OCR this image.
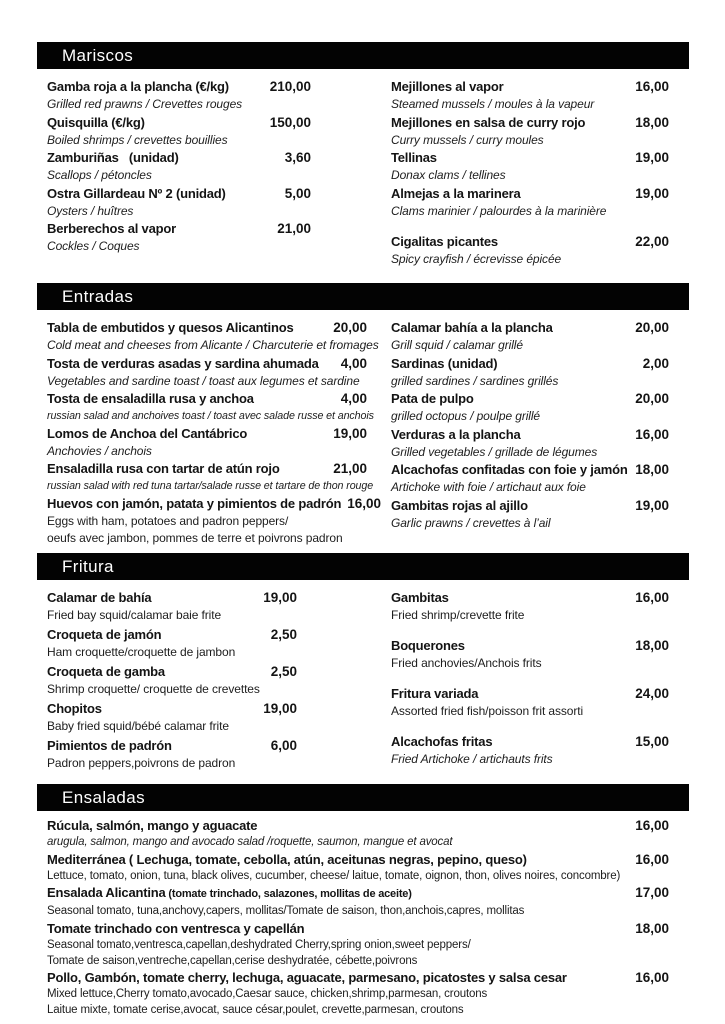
Mariscos
Gamba roja a la plancha (€/kg)	210,00
Grilled red prawns / Crevettes rouges
Quisquilla (€/kg)	150,00
Boiled shrimps / crevettes bouillies
Zamburiñas   (unidad)	3,60
Scallops / pétoncles
Ostra Gillardeau Nº 2 (unidad)	5,00
Oysters / huîtres
Berberechos al vapor	21,00
Cockles / Coques
Mejillones al vapor	16,00
Steamed mussels / moules à la vapeur
Mejillones en salsa de curry rojo	18,00
Curry mussels / curry moules
Tellinas	19,00
Donax clams / tellines
Almejas a la marinera	19,00
Clams marinier / palourdes à la marinière
Cigalitas picantes	22,00
Spicy crayfish / écrevisse épicée
Entradas
Tabla de embutidos y quesos Alicantinos	20,00
Cold meat and cheeses from Alicante / Charcuterie et fromages
Tosta de verduras asadas y sardina ahumada	4,00
Vegetables and sardine toast / toast aux legumes et sardine
Tosta de ensaladilla rusa y anchoa	4,00
russian salad and anchoives toast / toast avec salade russe et anchois
Lomos de Anchoa del Cantábrico	19,00
Anchovies / anchois
Ensaladilla rusa con tartar de atún rojo	21,00
russian salad with red tuna tartar/salade russe et tartare de thon rouge
Huevos con jamón, patata y pimientos de padrón 16,00
Eggs with ham, potatoes and padron peppers/
oeufs avec jambon, pommes de terre et poivrons padron
Calamar bahía a la plancha	20,00
Grill squid / calamar grillé
Sardinas (unidad)	2,00
grilled sardines / sardines grillés
Pata de pulpo	20,00
grilled octopus / poulpe grillé
Verduras a la plancha	16,00
Grilled vegetables / grillade de légumes
Alcachofas confitadas con foie y jamón 18,00
Artichoke with foie / artichaut aux foie
Gambitas rojas al ajillo	19,00
Garlic prawns / crevettes à l’ail
Fritura
Calamar de bahía	19,00
Fried bay squid/calamar baie frite
Croqueta de jamón	2,50
Ham croquette/croquette de jambon
Croqueta de gamba	2,50
Shrimp croquette/ croquette de crevettes
Chopitos	19,00
Baby fried squid/bébé calamar frite
Pimientos de padrón	6,00
Padron peppers,poivrons de padron
Gambitas	16,00
Fried shrimp/crevette frite
Boquerones	18,00
Fried anchovies/Anchois frits
Fritura variada	24,00
Assorted fried fish/poisson frit assorti
Alcachofas fritas	15,00
Fried Artichoke / artichauts frits
Ensaladas
Rúcula, salmón, mango y aguacate	16,00
arugula, salmon, mango and avocado salad /roquette, saumon, mangue et avocat
Mediterránea ( Lechuga, tomate, cebolla, atún, aceitunas negras, pepino, queso)	16,00
Lettuce, tomato, onion, tuna, black olives, cucumber, cheese/ laitue, tomate, oignon, thon, olives noires, concombre)
Ensalada Alicantina (tomate trinchado, salazones, mollitas de aceite)	17,00
Seasonal tomato, tuna,anchovy,capers, mollitas/Tomate de saison, thon,anchois,capres, mollitas
Tomate trinchado con ventresca y capellán	18,00
Seasonal tomato,ventresca,capellan,deshydrated Cherry,spring onion,sweet peppers/
Tomate de saison,ventreche,capellan,cerise deshydratée, cébette,poivrons
Pollo, Gambón, tomate cherry, lechuga, aguacate, parmesano, picatostes y salsa cesar	16,00
Mixed lettuce,Cherry tomato,avocado,Caesar sauce, chicken,shrimp,parmesan, croutons
Laitue mixte, tomate cerise,avocat, sauce césar,poulet, crevette,parmesan, croutons
